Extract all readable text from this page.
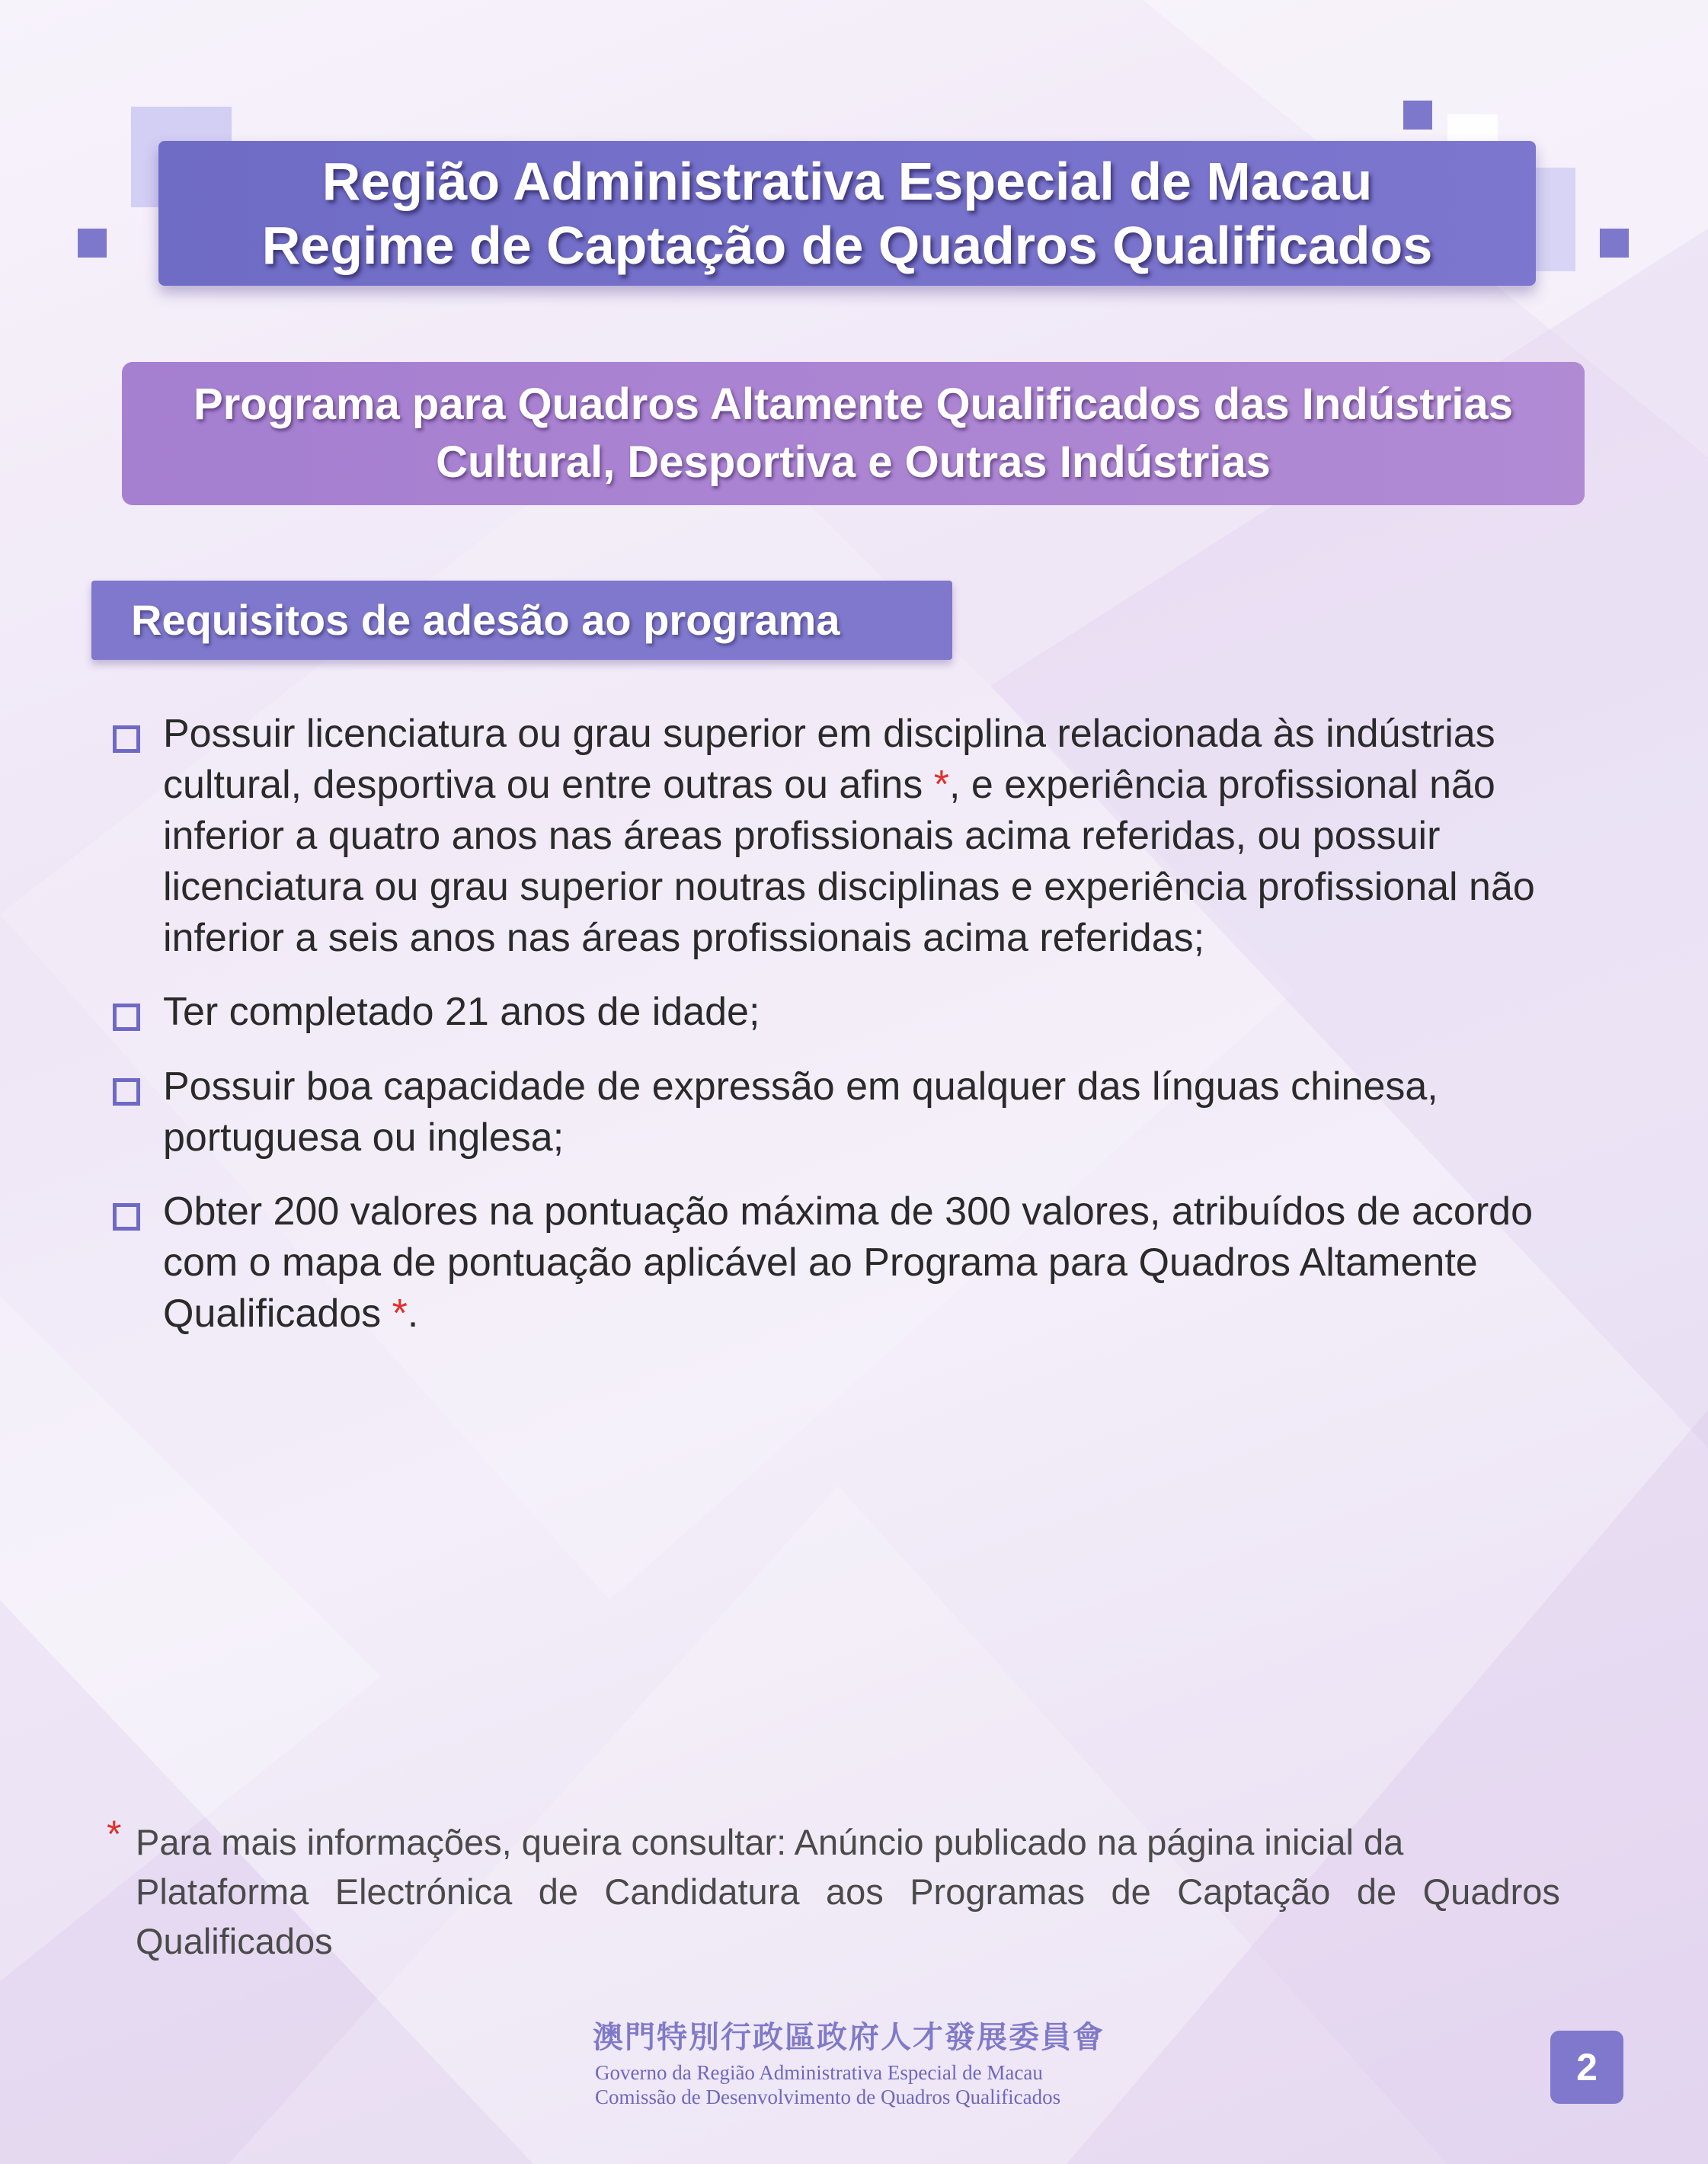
Região Administrativa Especial de Macau
Regime de Captação de Quadros Qualificados
Programa para Quadros Altamente Qualificados das Indústrias
Cultural, Desportiva e Outras Indústrias
Requisitos de adesão ao programa
Possuir licenciatura ou grau superior em disciplina relacionada às indústrias
cultural, desportiva ou entre outras ou afins *, e experiência profissional não
inferior a quatro anos nas áreas profissionais acima referidas, ou possuir
licenciatura ou grau superior noutras disciplinas e experiência profissional não
inferior a seis anos nas áreas profissionais acima referidas;
Ter completado 21 anos de idade;
Possuir boa capacidade de expressão em qualquer das línguas chinesa,
portuguesa ou inglesa;
Obter 200 valores na pontuação máxima de 300 valores, atribuídos de acordo
com o mapa de pontuação aplicável ao Programa para Quadros Altamente
Qualificados *.
* Para mais informações, queira consultar: Anúncio publicado na página inicial da
Plataforma Electrónica de Candidatura aos Programas de Captação de Quadros
Qualificados
澳門特別行政區政府人才發展委員會
Governo da Região Administrativa Especial de Macau
Comissão de Desenvolvimento de Quadros Qualificados
2
